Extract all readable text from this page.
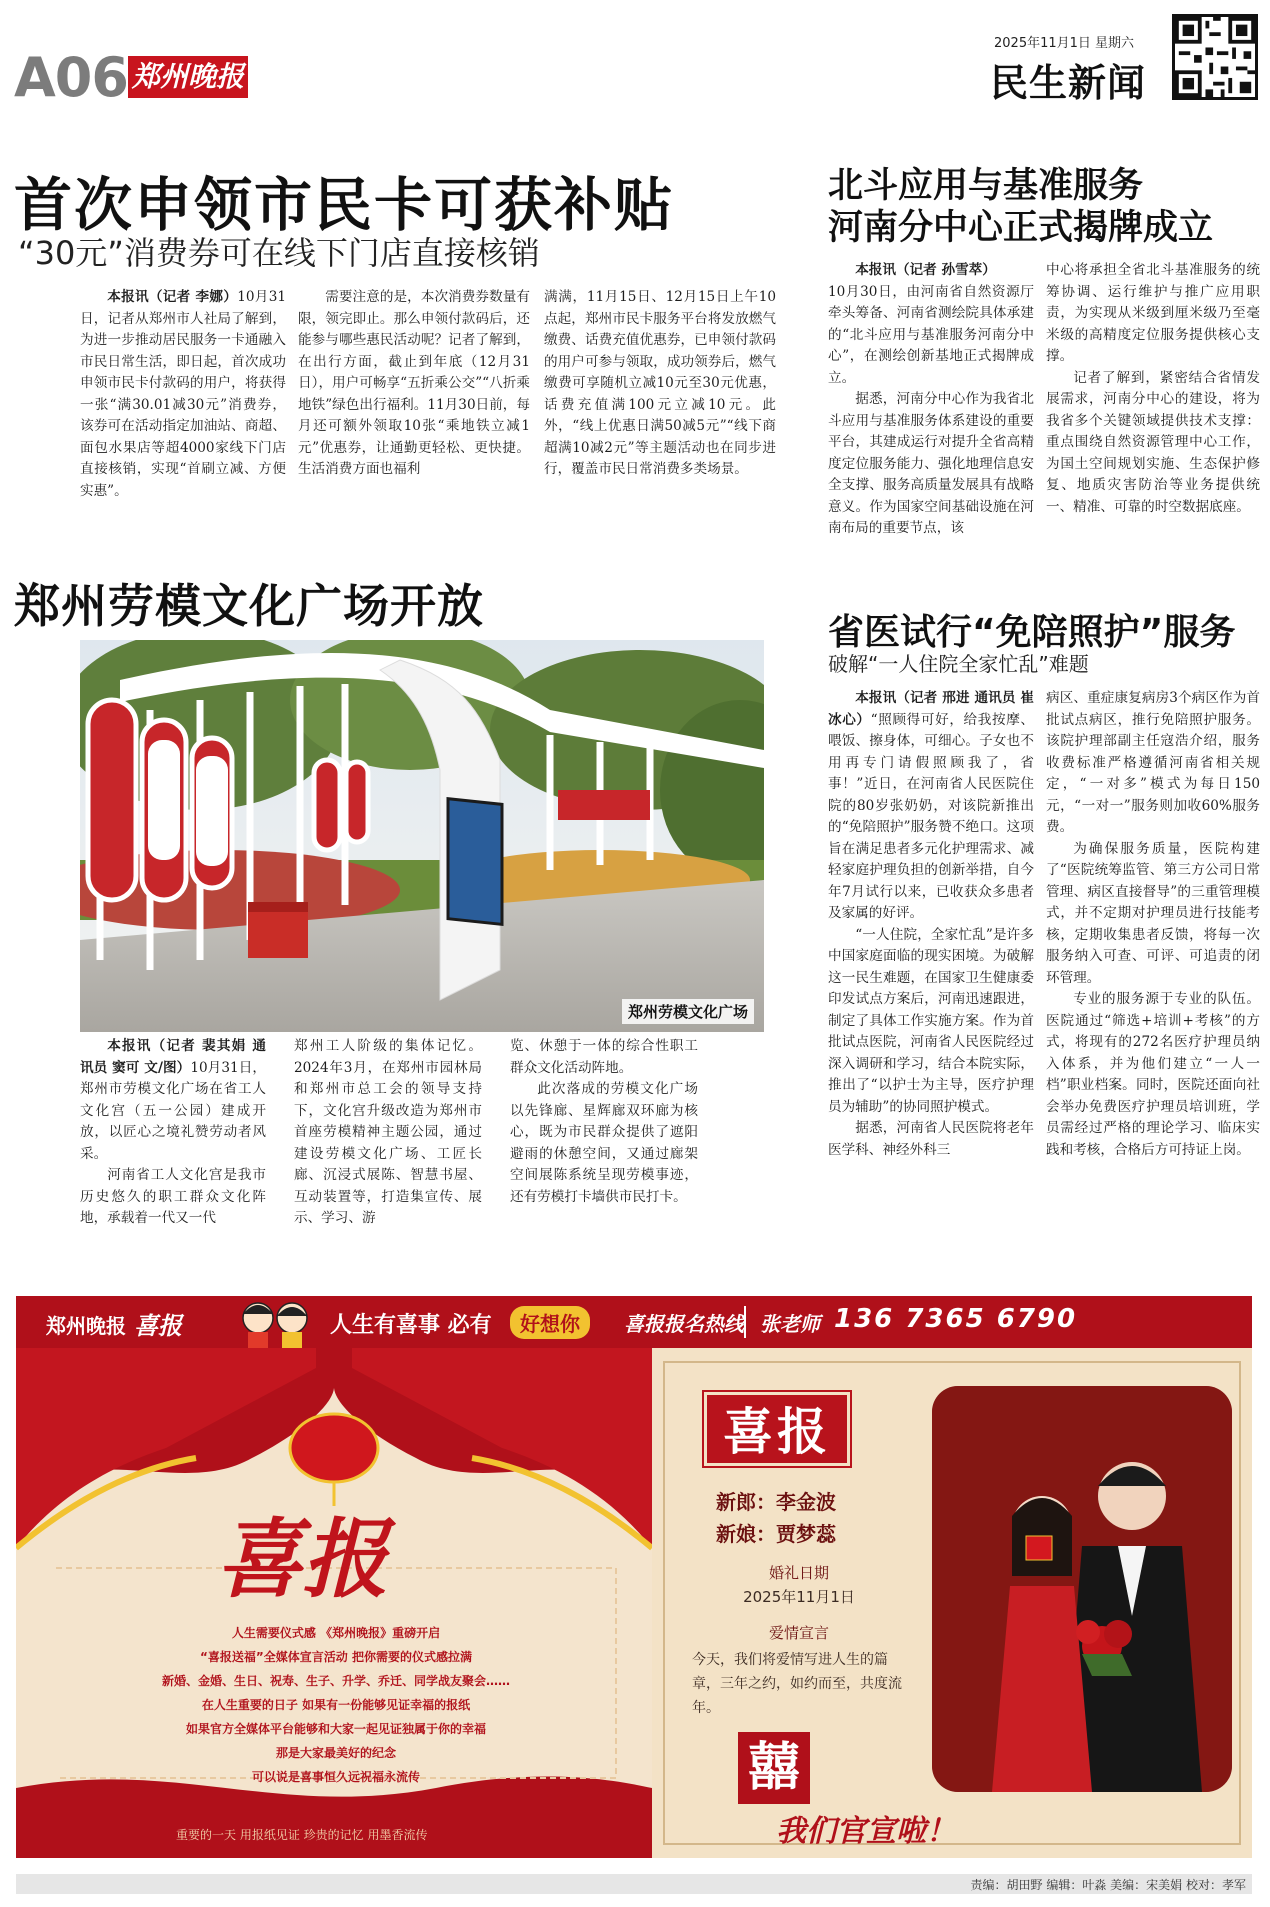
A06 郑州晚报
2025年11月1日 星期六
民生新闻
首次申领市民卡可获补贴
“30元”消费券可在线下门店直接核销

本报讯（记者 李娜）10月31日，记者从郑州市人社局了解到，为进一步推动居民服务一卡通融入市民日常生活，即日起，首次成功申领市民卡付款码的用户，将获得一张“满30.01减30元”消费券，该券可在活动指定加油站、商超、面包水果店等超4000家线下门店直接核销，实现“首刷立减、方便实惠”。

需要注意的是，本次消费券数量有限，领完即止。那么申领付款码后，还能参与哪些惠民活动呢？记者了解到，在出行方面，截止到年底（12月31日），用户可畅享“五折乘公交”“八折乘地铁”绿色出行福利。11月30日前，每月还可额外领取10张“乘地铁立减1元”优惠券，让通勤更轻松、更快捷。生活消费方面也福利

满满，11月15日、12月15日上午10点起，郑州市民卡服务平台将发放燃气缴费、话费充值优惠券，已申领付款码的用户可参与领取，成功领券后，燃气缴费可享随机立减10元至30元优惠，话费充值满100元立减10元。此外，“线上优惠日满50减5元”“线下商超满10减2元”等主题活动也在同步进行，覆盖市民日常消费多类场景。

北斗应用与基准服务
河南分中心正式揭牌成立

本报讯（记者 孙雪萃）

10月30日，由河南省自然资源厅牵头筹备、河南省测绘院具体承建的“北斗应用与基准服务河南分中心”，在测绘创新基地正式揭牌成立。

据悉，河南分中心作为我省北斗应用与基准服务体系建设的重要平台，其建成运行对提升全省高精度定位服务能力、强化地理信息安全支撑、服务高质量发展具有战略意义。作为国家空间基础设施在河南布局的重要节点，该

中心将承担全省北斗基准服务的统筹协调、运行维护与推广应用职责，为实现从米级到厘米级乃至毫米级的高精度定位服务提供核心支撑。

记者了解到，紧密结合省情发展需求，河南分中心的建设，将为我省多个关键领域提供技术支撑：重点围绕自然资源管理中心工作，为国土空间规划实施、生态保护修复、地质灾害防治等业务提供统一、精准、可靠的时空数据底座。

郑州劳模文化广场开放
郑州劳模文化广场

本报讯（记者 裴其娟 通讯员 窦可 文/图）10月31日，郑州市劳模文化广场在省工人文化宫（五一公园）建成开放，以匠心之境礼赞劳动者风采。

河南省工人文化宫是我市历史悠久的职工群众文化阵地，承载着一代又一代

郑州工人阶级的集体记忆。2024年3月，在郑州市园林局和郑州市总工会的领导支持下，文化宫升级改造为郑州市首座劳模精神主题公园，通过建设劳模文化广场、工匠长廊、沉浸式展陈、智慧书屋、互动装置等，打造集宣传、展示、学习、游

览、休憩于一体的综合性职工群众文化活动阵地。

此次落成的劳模文化广场以先锋廊、星辉廊双环廊为核心，既为市民群众提供了遮阳避雨的休憩空间，又通过廊架空间展陈系统呈现劳模事迹，还有劳模打卡墙供市民打卡。

省医试行“免陪照护”服务
破解“一人住院全家忙乱”难题

本报讯（记者 邢进 通讯员 崔冰心）“照顾得可好，给我按摩、喂饭、擦身体，可细心。子女也不用再专门请假照顾我了，省事！”近日，在河南省人民医院住院的80岁张奶奶，对该院新推出的“免陪照护”服务赞不绝口。这项旨在满足患者多元化护理需求、减轻家庭护理负担的创新举措，自今年7月试行以来，已收获众多患者及家属的好评。

“一人住院，全家忙乱”是许多中国家庭面临的现实困境。为破解这一民生难题，在国家卫生健康委印发试点方案后，河南迅速跟进，制定了具体工作实施方案。作为首批试点医院，河南省人民医院经过深入调研和学习，结合本院实际，推出了“以护士为主导，医疗护理员为辅助”的协同照护模式。

据悉，河南省人民医院将老年医学科、神经外科三

病区、重症康复病房3个病区作为首批试点病区，推行免陪照护服务。该院护理部副主任寇浩介绍，服务收费标准严格遵循河南省相关规定，“一对多”模式为每日150元，“一对一”服务则加收60%服务费。

为确保服务质量，医院构建了“医院统筹监管、第三方公司日常管理、病区直接督导”的三重管理模式，并不定期对护理员进行技能考核，定期收集患者反馈，将每一次服务纳入可查、可评、可追责的闭环管理。

专业的服务源于专业的队伍。医院通过“筛选+培训+考核”的方式，将现有的272名医疗护理员纳入体系，并为他们建立“一人一档”职业档案。同时，医院还面向社会举办免费医疗护理员培训班，学员需经过严格的理论学习、临床实践和考核，合格后方可持证上岗。

郑州晚报 喜报	人生有喜事 必有	好想你	喜报报名热线 张老师 136 7365 6790
喜报
人生需要仪式感 《郑州晚报》重磅开启
“喜报送福”全媒体宣言活动 把你需要的仪式感拉满
新婚、金婚、生日、祝寿、生子、升学、乔迁、同学战友聚会……
在人生重要的日子 如果有一份能够见证幸福的报纸
如果官方全媒体平台能够和大家一起见证独属于你的幸福
那是大家最美好的纪念
可以说是喜事恒久远祝福永流传
重要的一天 用报纸见证 珍贵的记忆 用墨香流传
喜报
新郎： 李金波
新娘： 贾梦蕊
婚礼日期
2025年11月1日
爱情宣言
今天，我们将爱情写进人生的篇章，三年之约，如约而至，共度流年。
囍
我们官宣啦！
责编：胡田野 编辑：叶淼 美编：宋美娟 校对：孝军
